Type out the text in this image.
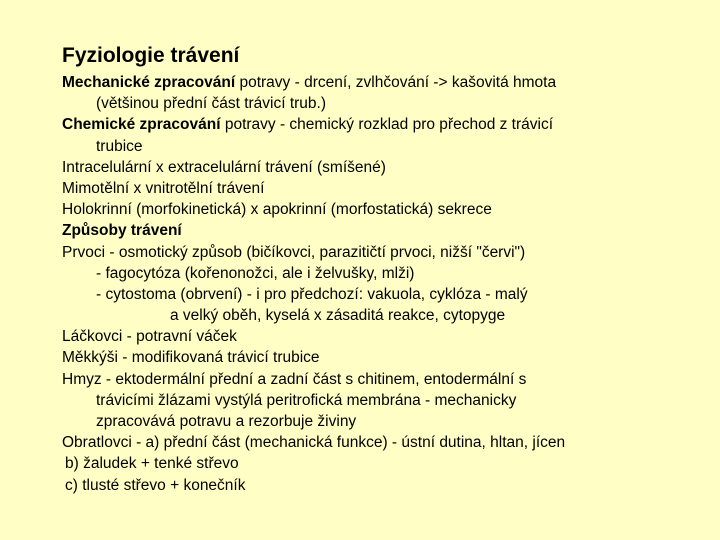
Fyziologie trávení
Mechanické zpracování potravy - drcení, zvlhčování -> kašovitá hmota
(většinou přední část trávicí trub.)
Chemické zpracování potravy - chemický rozklad pro přechod z trávicí
trubice
Intracelulární x extracelulární trávení (smíšené)
Mimotělní x vnitrotělní trávení
Holokrinní (morfokinetická) x apokrinní (morfostatická) sekrece
Způsoby trávení
Prvoci - osmotický způsob (bičíkovci, parazitičtí prvoci, nižší "červi")
- fagocytóza (kořenonožci, ale i želvušky, mlži)
- cytostoma (obrvení) - i pro předchozí: vakuola, cyklóza - malý
a velký oběh, kyselá x zásaditá reakce, cytopyge
Láčkovci - potravní váček
Měkkýši - modifikovaná trávicí trubice
Hmyz - ektodermální přední a zadní část s chitinem, entodermální s
trávicími žlázami vystýlá peritrofická membrána - mechanicky
zpracovává potravu a rezorbuje živiny
Obratlovci - a) přední část (mechanická funkce) - ústní dutina, hltan, jícen
b) žaludek + tenké střevo
c) tlusté střevo + konečník
